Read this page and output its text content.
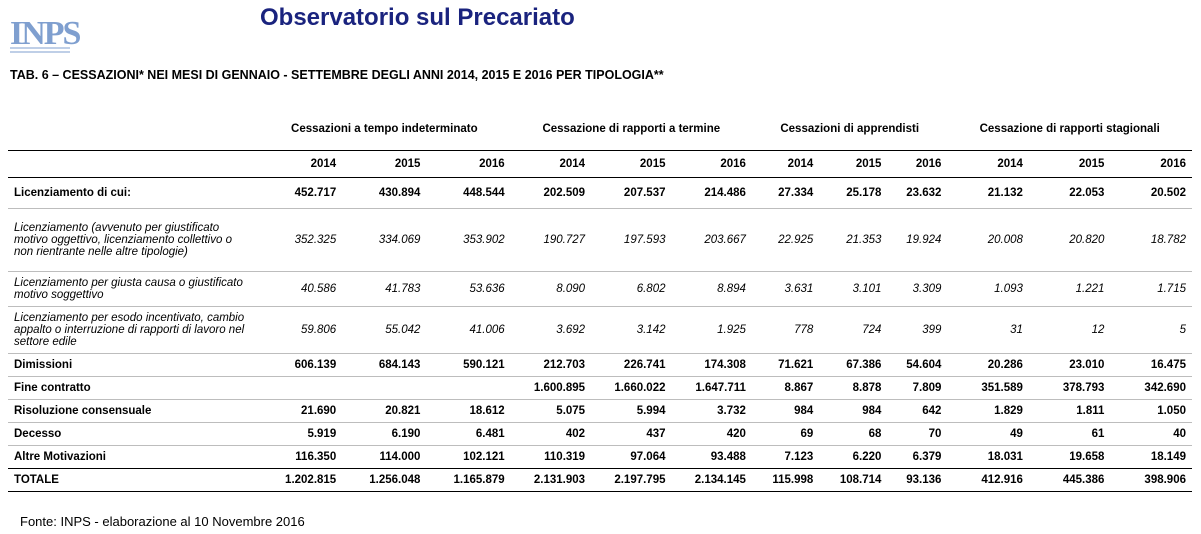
INPS	Observatorio sul Precariato
TAB. 6 – CESSAZIONI* NEI MESI DI GENNAIO - SETTEMBRE DEGLI ANNI 2014, 2015 E 2016 PER TIPOLOGIA**
	Cessazioni a tempo indeterminato			Cessazione di rapporti a termine			Cessazioni di apprendisti			Cessazione di rapporti stagionali		

	2014	2015	2016	2014	2015	2016	2014	2015	2016	2014	2015	2016
Licenziamento di cui:	452.717	430.894	448.544	202.509	207.537	214.486	27.334	25.178	23.632	21.132	22.053	20.502
Licenziamento (avvenuto per giustificato motivo oggettivo, licenziamento collettivo o non rientrante nelle altre tipologie)	352.325	334.069	353.902	190.727	197.593	203.667	22.925	21.353	19.924	20.008	20.820	18.782
Licenziamento per giusta causa o giustificato motivo soggettivo	40.586	41.783	53.636	8.090	6.802	8.894	3.631	3.101	3.309	1.093	1.221	1.715
Licenziamento per esodo incentivato, cambio appalto o interruzione di rapporti di lavoro nel settore edile	59.806	55.042	41.006	3.692	3.142	1.925	778	724	399	31	12	5
Dimissioni	606.139	684.143	590.121	212.703	226.741	174.308	71.621	67.386	54.604	20.286	23.010	16.475
Fine contratto				1.600.895	1.660.022	1.647.711	8.867	8.878	7.809	351.589	378.793	342.690
Risoluzione consensuale	21.690	20.821	18.612	5.075	5.994	3.732	984	984	642	1.829	1.811	1.050
Decesso	5.919	6.190	6.481	402	437	420	69	68	70	49	61	40
Altre Motivazioni	116.350	114.000	102.121	110.319	97.064	93.488	7.123	6.220	6.379	18.031	19.658	18.149
TOTALE	1.202.815	1.256.048	1.165.879	2.131.903	2.197.795	2.134.145	115.998	108.714	93.136	412.916	445.386	398.906
Fonte: INPS - elaborazione al 10 Novembre 2016
